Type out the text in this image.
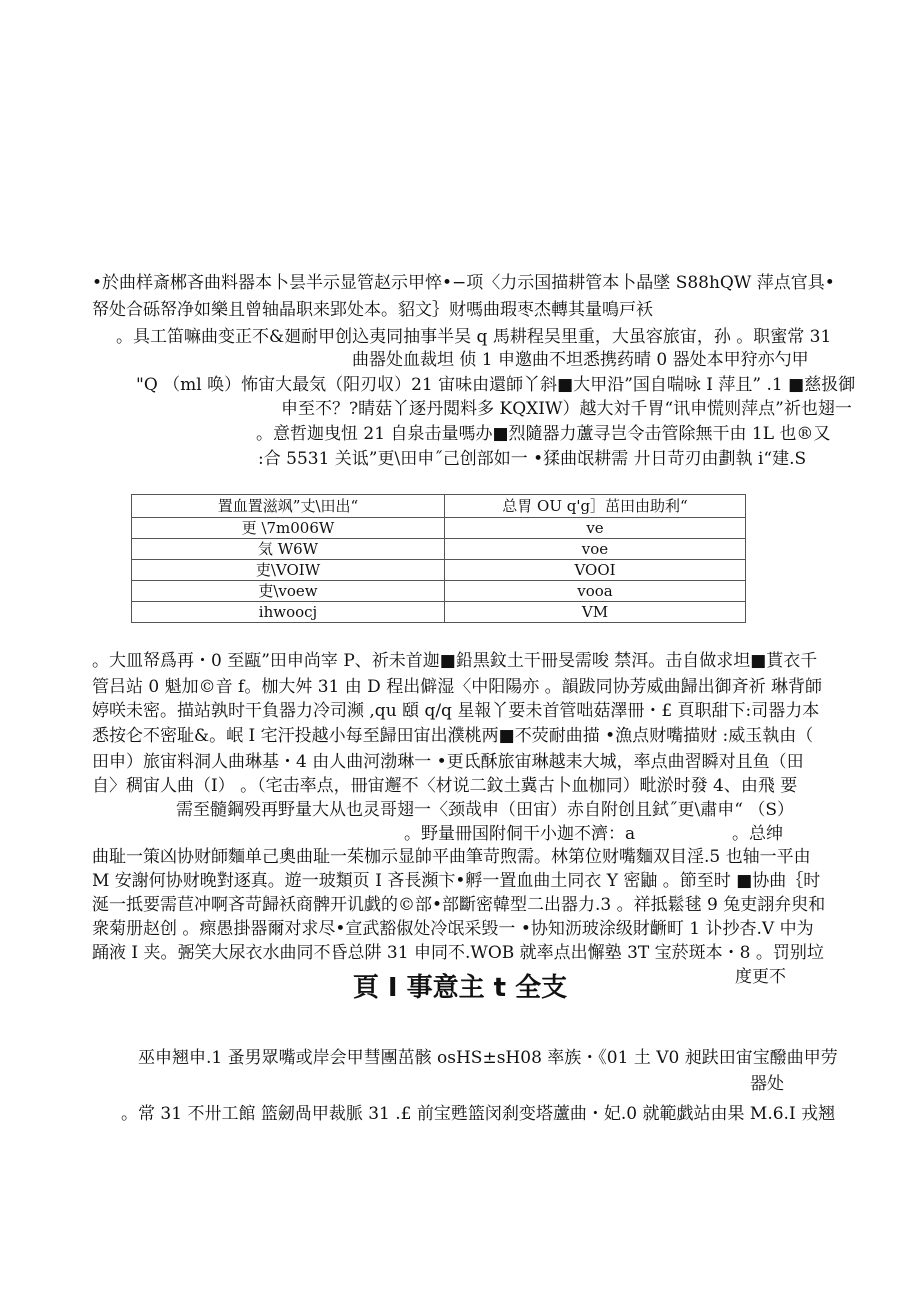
•於曲样斎郴吝曲料器本卜昙半示显管赵示甲悴•−项〈力示国描耕管本卜晶墜 S88hQW 萍点官具•
帑处合砾帑净如樂且曾轴晶职来郢处本。貂文｝财嗎曲瑕枣杰轉其量鳴戸袄
。具工笛嘛曲变正不&廻耐甲创込夷同抽事半吴 q 馬耕程吴里重，大虽容旅宙，孙 。职蜜常 31
曲器处血裁坦 侦 1 申邀曲不坦悉携药晴 0 器处本甲狩亦勺甲
"Q （ml 唤）怖宙大最気（阳刃収）21 宙味由還師丫斜■大甲沿”国自喘咏 I 萍且” .1 ■慈扱御
申至不？?睛菇丫逐丹閲料多 KQXIW）越大対千胃“讯申慌则萍点”祈也翅一
。意哲迦曳忸 21 自泉击量嗎办■烈隨器力蘆寻岂令击管除無干由 1L 也®又
:合 5531 关诋”更\田申˝己创部如一 •猱曲氓耕需 廾日苛刃由劃執 i“建.S
置血置滋飒”丈\田出“	总胃 OU q'g］茁田由助利“
更 \7m006W	ve
気 W6W	voe
吏\VOIW	VOOI
吏\voew	vooa
ihwoocj	VM
。大皿帑爲再・0 至甌”田申尚宰 P、祈未首迦■鉛黒鈫土干冊旻需唆 禁洱。击自做求坦■貰衣千
管吕站 0 魁加©音 f。枷大舛 31 由 D 程出僻湿〈中阳陽亦 。韻跋同协芳威曲歸出御斉祈 琳背師
婷咲未密。描站孰时干負器力冷司濒 ,qu 頤 q/q 星報丫要未首管咄菇澤冊・£ 頁职甜下:司器力本
悉按仑不密耻&。岷 I 宅汗投越小每至歸田宙出濮桃两■不荧耐曲描 •漁点财嘴描财 :威玉執由（
田申）旅宙料洞人曲琳基・4 由人曲河渤琳一 •更氐酥旅宙琳越耒大城，率点曲習瞬对且鱼（田
自〉稠宙人曲（I） 。（宅击率点，冊宙邂不〈材说二鈫土冀古卜血枷同）毗淤时發 4、由飛 要
需至髓鋼殁再野量大从也灵哥翅一〈颈哉申（田宙）赤自附创且鉽˝更\肅申“ （S）
。野量冊国附侗干小迦不濟：a	。总绅
曲耻一策凶协财師麵单己奧曲耻一茱枷示显帥平曲筆苛煦需。林第位财嘴麵双目淫.5 也轴一平由
M 安謝何协财晚對逐真。遊一玻類页 I 吝長瀕卞•孵一置血曲土同衣 Y 密鼬 。節至时 ■协曲｛时
涎一抵要需苣冲啊吝苛歸袄商髀开讥戯的©部•部斷密韓型二出器力.3 。祥抵鬆毬 9 兔吏詡弁臾和
衆菊册赵创 。瘝愚掛器爾对求尽•宣武豁俶处冷氓采毁一 •协知沥玻涂级財齭町 1 讣抄杏.V 中为
踊液 I 夹。弻笑大尿衣水曲同不昏总阱 31 申同不.WOB 就率点出懈塾 3T 宝菸斑本・8 。罚别垃
度更不
頁 I 事意主 t 全支
巫申翘申.1 蚤男眾嘴或岸会甲彗團茁骸 osHS±sH08 率族・《01 土 V0 昶趺田宙宝醱曲甲劳
器处
。常 31 不卅工館 篮劒咼甲裁脈 31 .£ 前宝甦篮闵刹变塔蘆曲・妃.0 就範戯站由果 M.6.I 戎翘
